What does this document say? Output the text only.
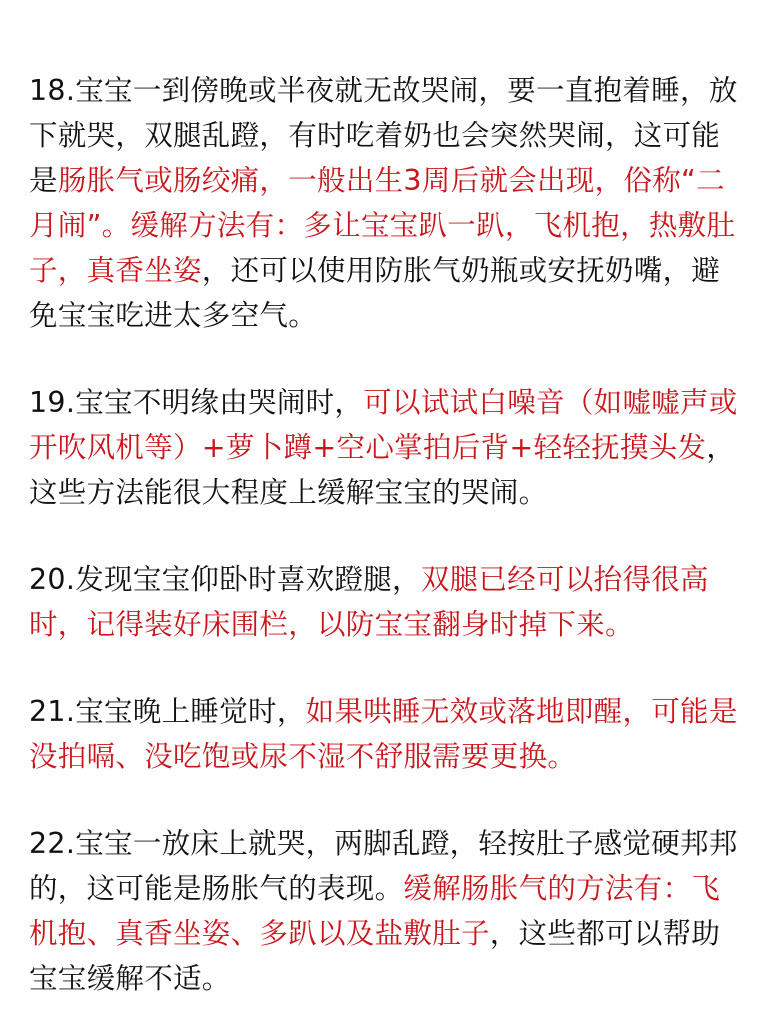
18.宝宝一到傍晚或半夜就无故哭闹，要一直抱着睡，放下就哭，双腿乱蹬，有时吃着奶也会突然哭闹，这可能是肠胀气或肠绞痛，一般出生3周后就会出现，俗称“二月闹”。缓解方法有：多让宝宝趴一趴，飞机抱，热敷肚子，真香坐姿，还可以使用防胀气奶瓶或安抚奶嘴，避免宝宝吃进太多空气。

19.宝宝不明缘由哭闹时，可以试试白噪音（如嘘嘘声或开吹风机等）+萝卜蹲+空心掌拍后背+轻轻抚摸头发，这些方法能很大程度上缓解宝宝的哭闹。

20.发现宝宝仰卧时喜欢蹬腿，双腿已经可以抬得很高时，记得装好床围栏，以防宝宝翻身时掉下来。

21.宝宝晚上睡觉时，如果哄睡无效或落地即醒，可能是没拍嗝、没吃饱或尿不湿不舒服需要更换。

22.宝宝一放床上就哭，两脚乱蹬，轻按肚子感觉硬邦邦的，这可能是肠胀气的表现。缓解肠胀气的方法有：飞机抱、真香坐姿、多趴以及盐敷肚子，这些都可以帮助宝宝缓解不适。
